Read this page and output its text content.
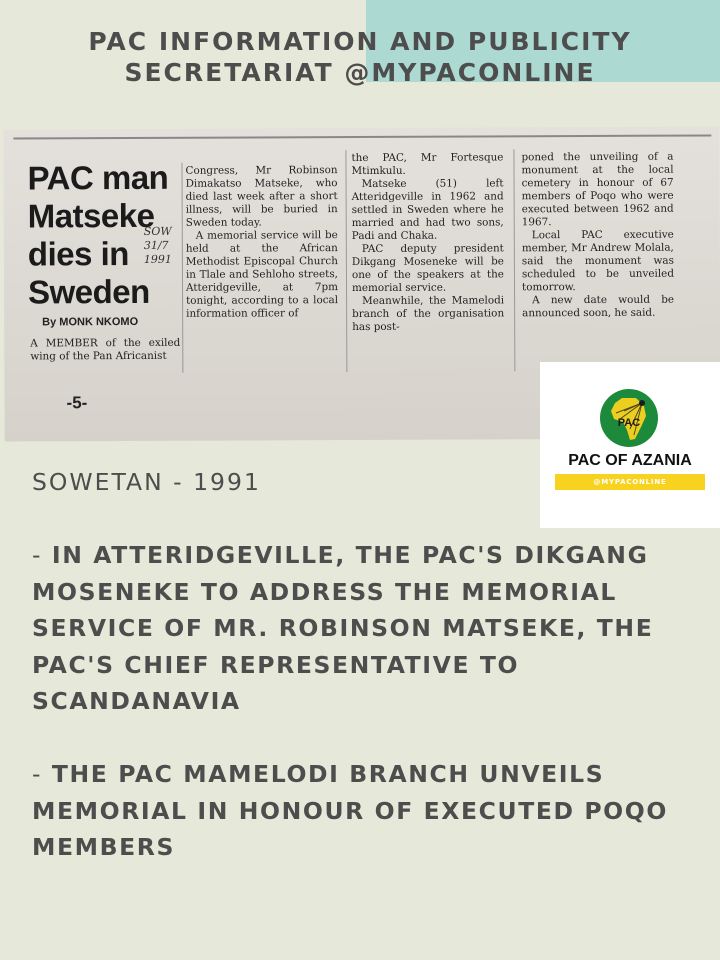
PAC INFORMATION AND PUBLICITY
SECRETARIAT @MYPACONLINE
PAC man
Matseke
dies in
Sweden
SOW
31/7
1991
By MONK NKOMO

A MEMBER of the exiled wing of the Pan Africanist

Congress, Mr Robinson Dimakatso Matseke, who died last week after a short illness, will be buried in Sweden today.

A memorial service will be held at the African Methodist Episcopal Church in Tlale and Sehloho streets, Atteridgeville, at 7pm tonight, according to a local information officer of

the PAC, Mr Fortesque Mtimkulu.

Matseke (51) left Atteridgeville in 1962 and settled in Sweden where he married and had two sons, Padi and Chaka.

PAC deputy president Dikgang Moseneke will be one of the speakers at the memorial service.

Meanwhile, the Mamelodi branch of the organisation has post-

poned the unveiling of a monument at the local cemetery in honour of 67 members of Poqo who were executed between 1962 and 1967.

Local PAC executive member, Mr Andrew Molala, said the monument was scheduled to be unveiled tomorrow.

A new date would be announced soon, he said.

-5-
PAC
PAC OF AZANIA
@MYPACONLINE
SOWETAN - 1991
- IN ATTERIDGEVILLE, THE PAC'S DIKGANG MOSENEKE TO ADDRESS THE MEMORIAL SERVICE OF MR. ROBINSON MATSEKE, THE PAC'S CHIEF REPRESENTATIVE TO SCANDANAVIA
- THE PAC MAMELODI BRANCH UNVEILS MEMORIAL IN HONOUR OF EXECUTED POQO MEMBERS
